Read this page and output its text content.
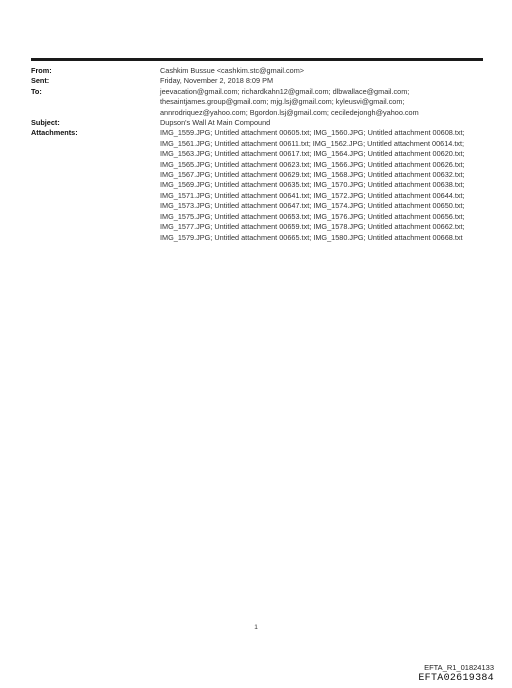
From:	Cashkim Bussue <cashkim.stc@gmail.com>
Sent:	Friday, November 2, 2018 8:09 PM
To:	jeevacation@gmail.com; richardkahn12@gmail.com; dlbwallace@gmail.com; thesaintjames.group@gmail.com; mjg.lsj@gmail.com; kyleusvi@gmail.com; annrodriquez@yahoo.com; Bgordon.lsj@gmail.com; ceciledejongh@yahoo.com
Subject:	Dupson's Wall At Main Compound
Attachments:	IMG_1559.JPG; Untitled attachment 00605.txt; IMG_1560.JPG; Untitled attachment 00608.txt; IMG_1561.JPG; Untitled attachment 00611.txt; IMG_1562.JPG; Untitled attachment 00614.txt; IMG_1563.JPG; Untitled attachment 00617.txt; IMG_1564.JPG; Untitled attachment 00620.txt; IMG_1565.JPG; Untitled attachment 00623.txt; IMG_1566.JPG; Untitled attachment 00626.txt; IMG_1567.JPG; Untitled attachment 00629.txt; IMG_1568.JPG; Untitled attachment 00632.txt; IMG_1569.JPG; Untitled attachment 00635.txt; IMG_1570.JPG; Untitled attachment 00638.txt; IMG_1571.JPG; Untitled attachment 00641.txt; IMG_1572.JPG; Untitled attachment 00644.txt; IMG_1573.JPG; Untitled attachment 00647.txt; IMG_1574.JPG; Untitled attachment 00650.txt; IMG_1575.JPG; Untitled attachment 00653.txt; IMG_1576.JPG; Untitled attachment 00656.txt; IMG_1577.JPG; Untitled attachment 00659.txt; IMG_1578.JPG; Untitled attachment 00662.txt; IMG_1579.JPG; Untitled attachment 00665.txt; IMG_1580.JPG; Untitled attachment 00668.txt
1
EFTA_R1_01824133
EFTA02619384
